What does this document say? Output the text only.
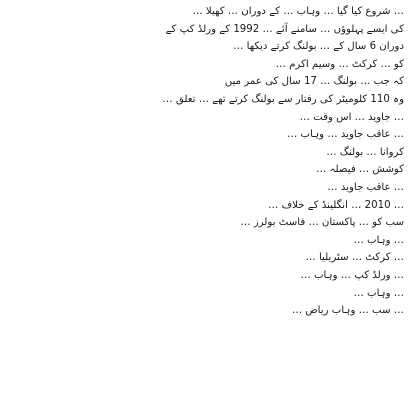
… شروع کیا گیا … وہاب … کے دوران … کھیلا …
کی ایسے پہلوؤں … سامنے آئے … 1992 کے ورلڈ کپ کے
دوران 6 سال کے … بولنگ کرتے دیکھا …
کو … کرکٹ … وسیم اکرم …
کہ جب … بولنگ … 17 سال کی عمر میں
وہ 110 کلومیٹر کی رفتار سے بولنگ کرتے تھے … تعلق …
… جاوید … اس وقت …
… عاقب جاوید … وہاب …
کروانا … بولنگ …
کوشش … فیصلہ …
… عاقب جاوید …
… 2010 … انگلینڈ کے خلاف …
سب کو … پاکستان … فاسٹ بولرز …
… وہاب …
… کرکٹ … سٹریلیا …
… ورلڈ کپ … وہاب …
… وہاب …
… سب … وہاب ریاض …
